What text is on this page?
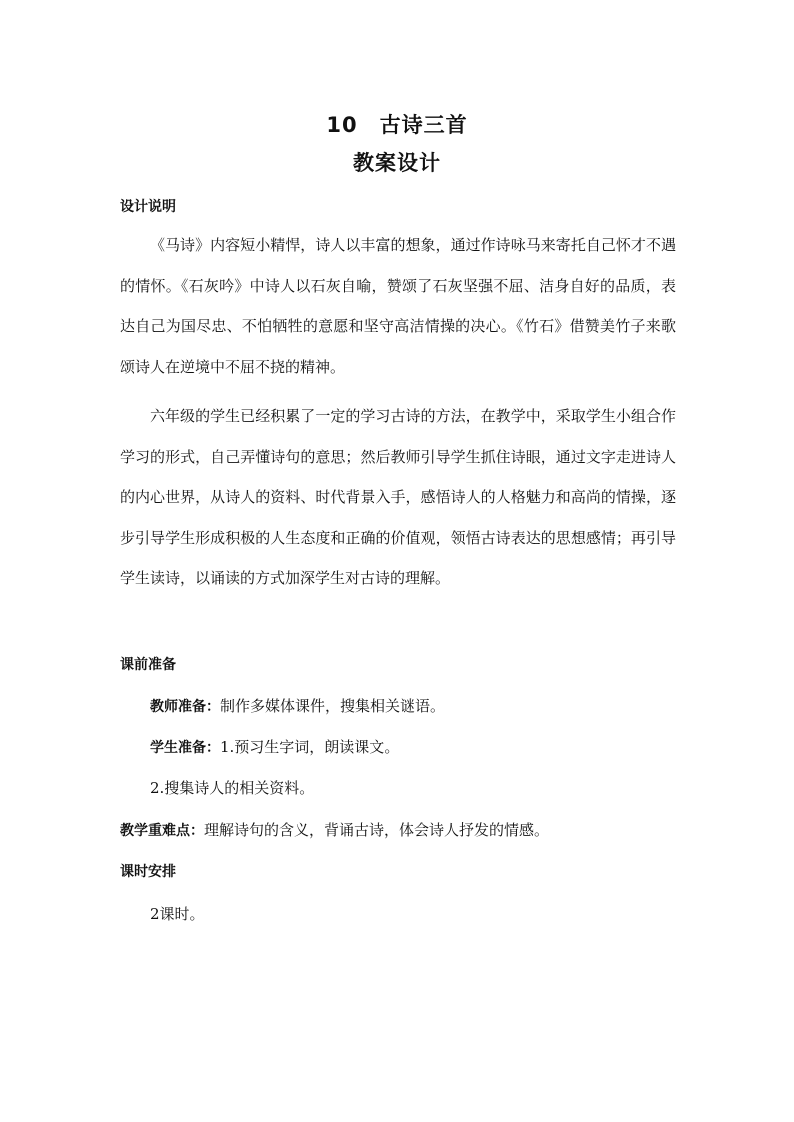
10 古诗三首
教案设计
设计说明

《马诗》内容短小精悍，诗人以丰富的想象，通过作诗咏马来寄托自己怀才不遇的情怀。《石灰吟》中诗人以石灰自喻，赞颂了石灰坚强不屈、洁身自好的品质，表达自己为国尽忠、不怕牺牲的意愿和坚守高洁情操的决心。《竹石》借赞美竹子来歌颂诗人在逆境中不屈不挠的精神。

六年级的学生已经积累了一定的学习古诗的方法，在教学中，采取学生小组合作学习的形式，自己弄懂诗句的意思；然后教师引导学生抓住诗眼，通过文字走进诗人的内心世界，从诗人的资料、时代背景入手，感悟诗人的人格魅力和高尚的情操，逐步引导学生形成积极的人生态度和正确的价值观，领悟古诗表达的思想感情；再引导学生读诗，以诵读的方式加深学生对古诗的理解。

课前准备
教师准备：制作多媒体课件，搜集相关谜语。
学生准备：1.预习生字词，朗读课文。
2.搜集诗人的相关资料。
教学重难点：理解诗句的含义，背诵古诗，体会诗人抒发的情感。
课时安排
2课时。
